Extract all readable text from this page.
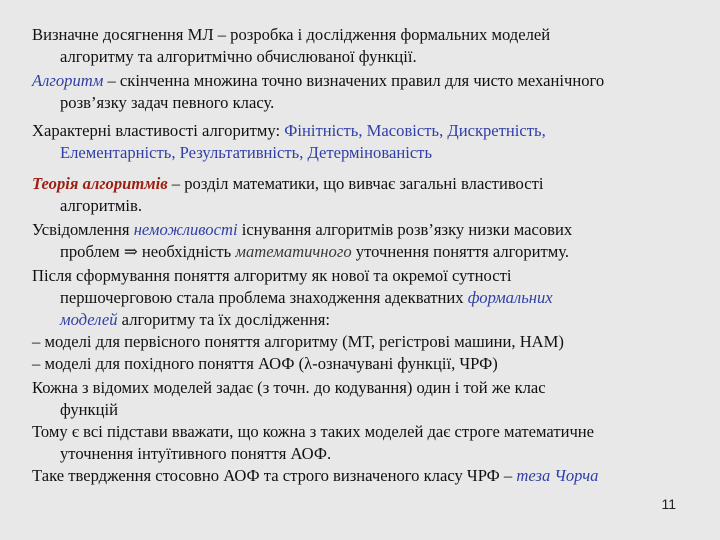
Визначне досягнення МЛ – розробка і дослідження формальних моделей
алгоритму та алгоритмічно обчислюваної функції.

Алгоритм – скінченна множина точно визначених правил для чисто механічного
розв’язку задач певного класу.

Характерні властивості алгоритму: Фінітність, Масовість, Дискретність,
Елементарність, Результативність, Детермінованість

Теорія алгоритмів – розділ математики, що вивчає загальні властивості
алгоритмів.

Усвідомлення неможливості існування алгоритмів розв’язку низки масових
проблем ⇒ необхідність математичного уточнення поняття алгоритму.

Після сформування поняття алгоритму як нової та окремої сутності
першочерговою стала проблема знаходження адекватних формальних
моделей алгоритму та їх дослідження:

– моделі для первісного поняття алгоритму (МТ, регістрові машини, НАМ)

– моделі для похідного поняття АОФ (λ-означувані функції, ЧРФ)

Кожна з відомих моделей задає (з точн. до кодування) один і той же клас
функцій

Тому є всі підстави вважати, що кожна з таких моделей дає строге математичне
уточнення інтуїтивного поняття АОФ.

Таке твердження стосовно АОФ та строго визначеного класу ЧРФ – теза Чорча

11
